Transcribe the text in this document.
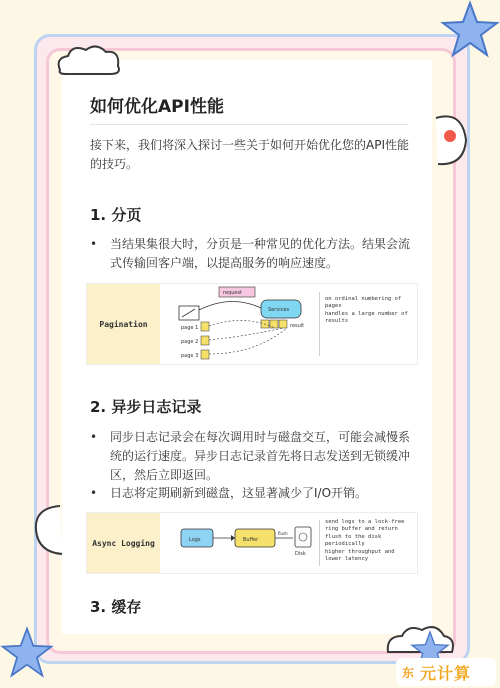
如何优化API性能
接下来，我们将深入探讨一些关于如何开始优化您的API性能的技巧。
1. 分页
• 当结果集很大时，分页是一种常见的优化方法。结果会流式传输回客户端，以提高服务的响应速度。
Pagination
request
Services
result
page 1
page 2
page 3
on ordinal numbering of pages
handles a large number of results
2. 异步日志记录
• 同步日志记录会在每次调用时与磁盘交互，可能会减慢系统的运行速度。异步日志记录首先将日志发送到无锁缓冲区，然后立即返回。
• 日志将定期刷新到磁盘，这显著减少了I/O开销。
Async Logging	Logs	Buffer
flush
Disk
send logs to a lock-free ring buffer and return
flush to the disk periodically
higher throughput and lower latency
3. 缓存
东 元计算
